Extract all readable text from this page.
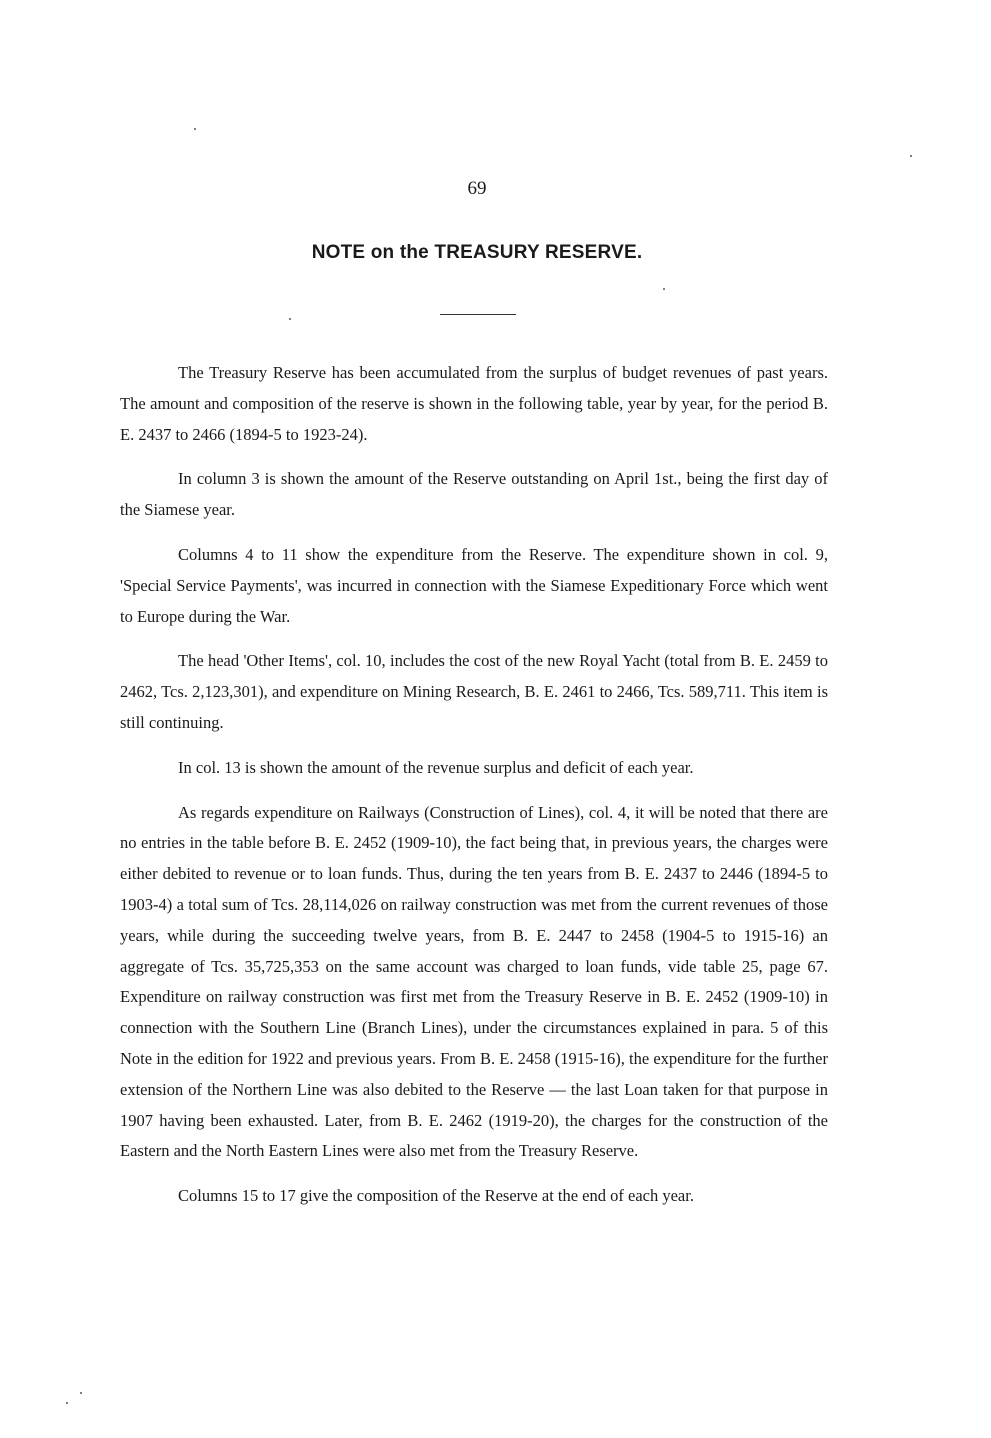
69
NOTE on the TREASURY RESERVE.

The Treasury Reserve has been accumulated from the surplus of budget revenues of past years. The amount and composition of the reserve is shown in the following table, year by year, for the period B. E. 2437 to 2466 (1894-5 to 1923-24).

In column 3 is shown the amount of the Reserve outstanding on April 1st., being the first day of the Siamese year.

Columns 4 to 11 show the expenditure from the Reserve. The expenditure shown in col. 9, 'Special Service Payments', was incurred in connection with the Siamese Expeditionary Force which went to Europe during the War.

The head 'Other Items', col. 10, includes the cost of the new Royal Yacht (total from B. E. 2459 to 2462, Tcs. 2,123,301), and expenditure on Mining Research, B. E. 2461 to 2466, Tcs. 589,711. This item is still continuing.

In col. 13 is shown the amount of the revenue surplus and deficit of each year.

As regards expenditure on Railways (Construction of Lines), col. 4, it will be noted that there are no entries in the table before B. E. 2452 (1909-10), the fact being that, in previous years, the charges were either debited to revenue or to loan funds. Thus, during the ten years from B. E. 2437 to 2446 (1894-5 to 1903-4) a total sum of Tcs. 28,114,026 on railway construction was met from the current revenues of those years, while during the succeeding twelve years, from B. E. 2447 to 2458 (1904-5 to 1915-16) an aggregate of Tcs. 35,725,353 on the same account was charged to loan funds, vide table 25, page 67. Expenditure on railway construction was first met from the Treasury Reserve in B. E. 2452 (1909-10) in connection with the Southern Line (Branch Lines), under the circumstances explained in para. 5 of this Note in the edition for 1922 and previous years. From B. E. 2458 (1915-16), the expenditure for the further extension of the Northern Line was also debited to the Reserve — the last Loan taken for that purpose in 1907 having been exhausted. Later, from B. E. 2462 (1919-20), the charges for the construction of the Eastern and the North Eastern Lines were also met from the Treasury Reserve.

Columns 15 to 17 give the composition of the Reserve at the end of each year.
